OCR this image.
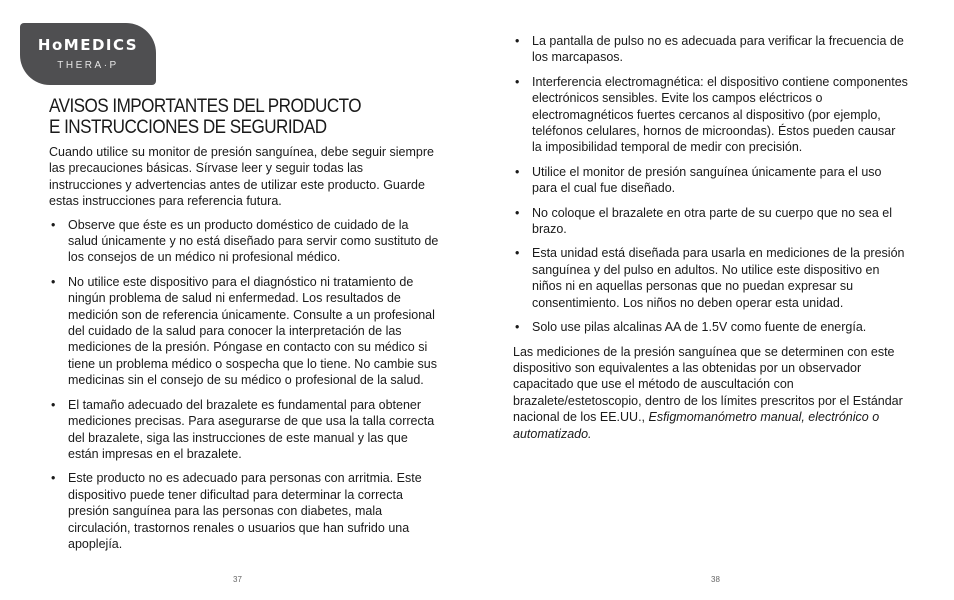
HoMEDICS
THERA·P
AVISOS IMPORTANTES DEL PRODUCTO
E INSTRUCCIONES DE SEGURIDAD

Cuando utilice su monitor de presión sanguínea, debe seguir siempre las precauciones básicas. Sírvase leer y seguir todas las instrucciones y advertencias antes de utilizar este producto. Guarde estas instrucciones para referencia futura.

• Observe que éste es un producto doméstico de cuidado de la salud únicamente y no está diseñado para servir como sustituto de los consejos de un médico ni profesional médico.
• No utilice este dispositivo para el diagnóstico ni tratamiento de ningún problema de salud ni enfermedad. Los resultados de medición son de referencia únicamente. Consulte a un profesional del cuidado de la salud para conocer la interpretación de las mediciones de la presión. Póngase en contacto con su médico si tiene un problema médico o sospecha que lo tiene. No cambie sus medicinas sin el consejo de su médico o profesional de la salud.
• El tamaño adecuado del brazalete es fundamental para obtener mediciones precisas. Para asegurarse de que usa la talla correcta del brazalete, siga las instrucciones de este manual y las que están impresas en el brazalete.
• Este producto no es adecuado para personas con arritmia. Este dispositivo puede tener dificultad para determinar la correcta presión sanguínea para las personas con diabetes, mala circulación, trastornos renales o usuarios que han sufrido una apoplejía.
• La pantalla de pulso no es adecuada para verificar la frecuencia de los marcapasos.
• Interferencia electromagnética: el dispositivo contiene componentes electrónicos sensibles. Evite los campos eléctricos o electromagnéticos fuertes cercanos al dispositivo (por ejemplo, teléfonos celulares, hornos de microondas). Éstos pueden causar la imposibilidad temporal de medir con precisión.
• Utilice el monitor de presión sanguínea únicamente para el uso para el cual fue diseñado.
• No coloque el brazalete en otra parte de su cuerpo que no sea el brazo.
• Esta unidad está diseñada para usarla en mediciones de la presión sanguínea y del pulso en adultos. No utilice este dispositivo en niños ni en aquellas personas que no puedan expresar su consentimiento. Los niños no deben operar esta unidad.
• Solo use pilas alcalinas AA de 1.5V como fuente de energía.

Las mediciones de la presión sanguínea que se determinen con este dispositivo son equivalentes a las obtenidas por un observador capacitado que use el método de auscultación con brazalete/estetoscopio, dentro de los límites prescritos por el Estándar nacional de los EE.UU., Esfigmomanómetro manual, electrónico o automatizado.

37	38
